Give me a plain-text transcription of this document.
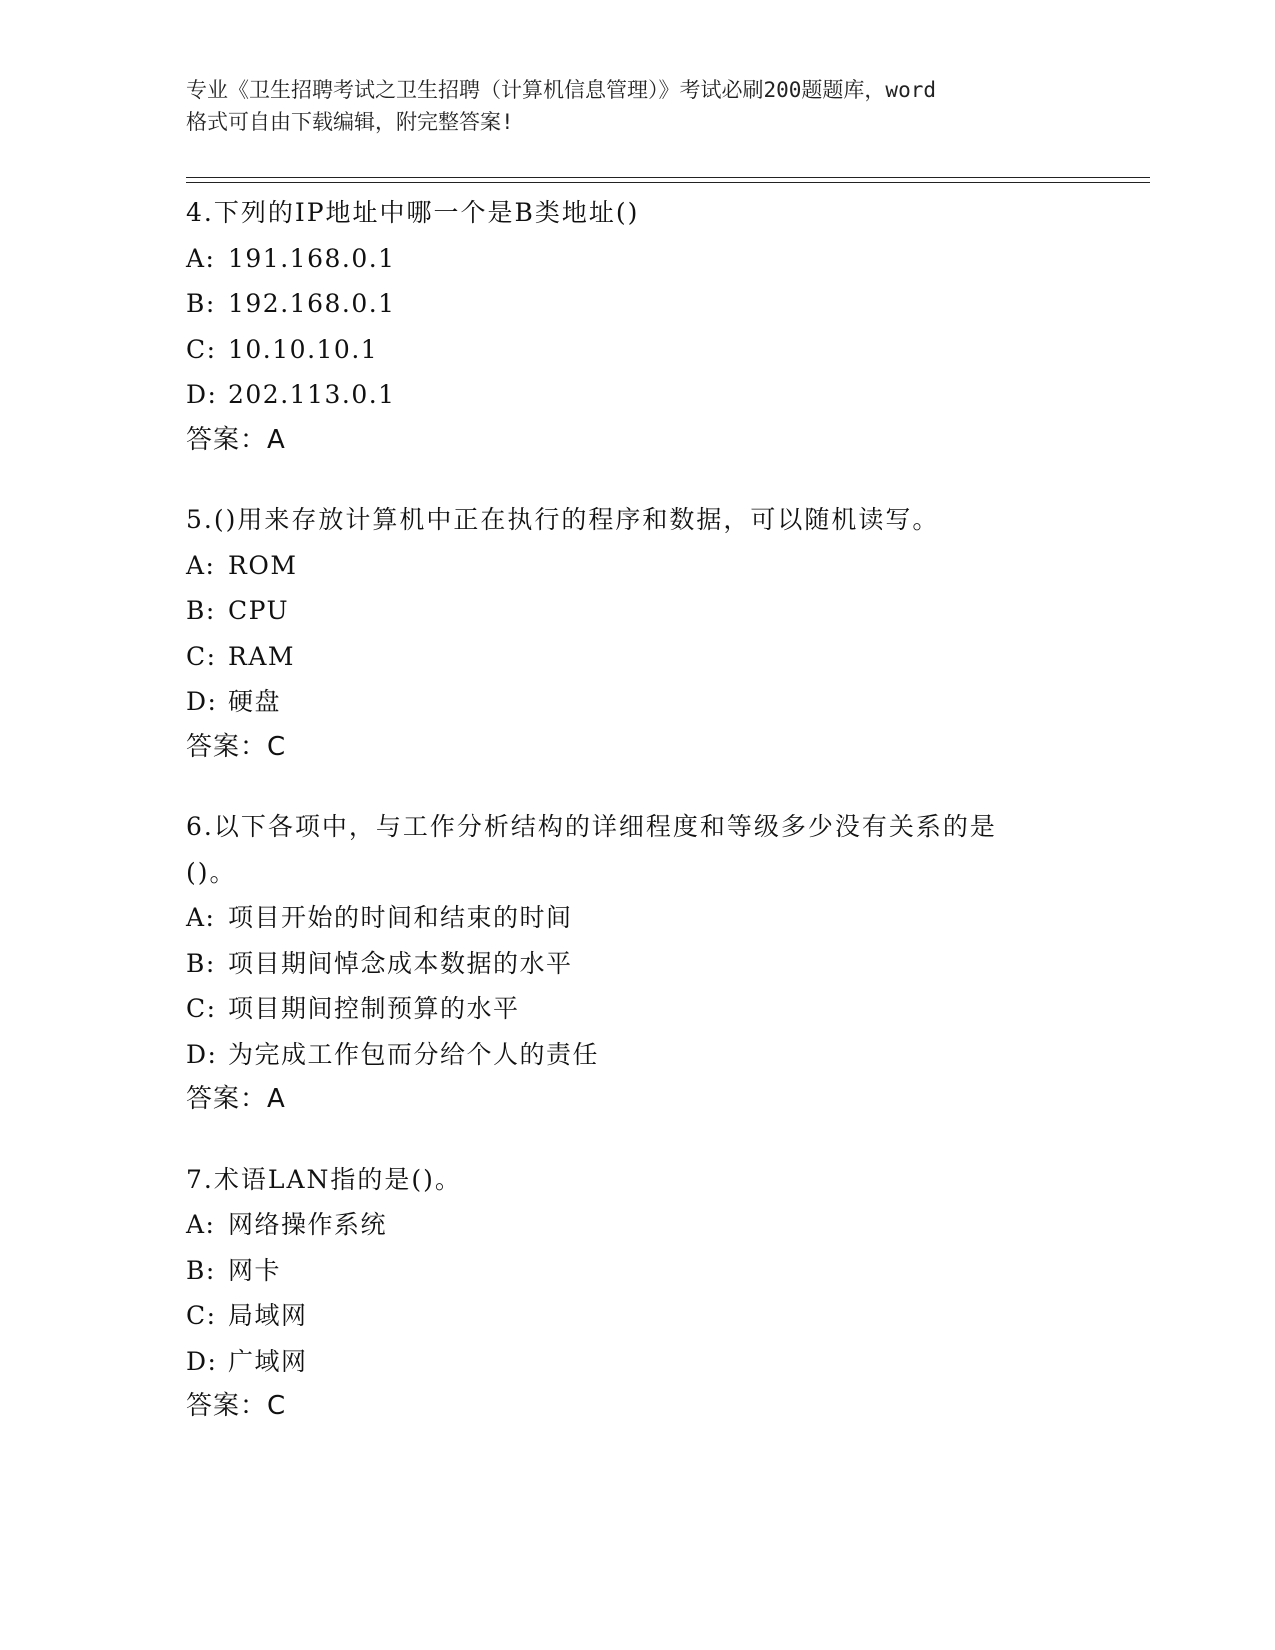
专业《卫生招聘考试之卫生招聘（计算机信息管理）》考试必刷200题题库，word
格式可自由下载编辑，附完整答案!
4.下列的IP地址中哪一个是B类地址()
A: 191.168.0.1
B: 192.168.0.1
C: 10.10.10.1
D: 202.113.0.1
答案：A
5.()用来存放计算机中正在执行的程序和数据，可以随机读写。
A: ROM
B: CPU
C: RAM
D: 硬盘
答案：C
6.以下各项中，与工作分析结构的详细程度和等级多少没有关系的是()。
A: 项目开始的时间和结束的时间
B: 项目期间悼念成本数据的水平
C: 项目期间控制预算的水平
D: 为完成工作包而分给个人的责任
答案：A
7.术语LAN指的是()。
A: 网络操作系统
B: 网卡
C: 局域网
D: 广域网
答案：C
